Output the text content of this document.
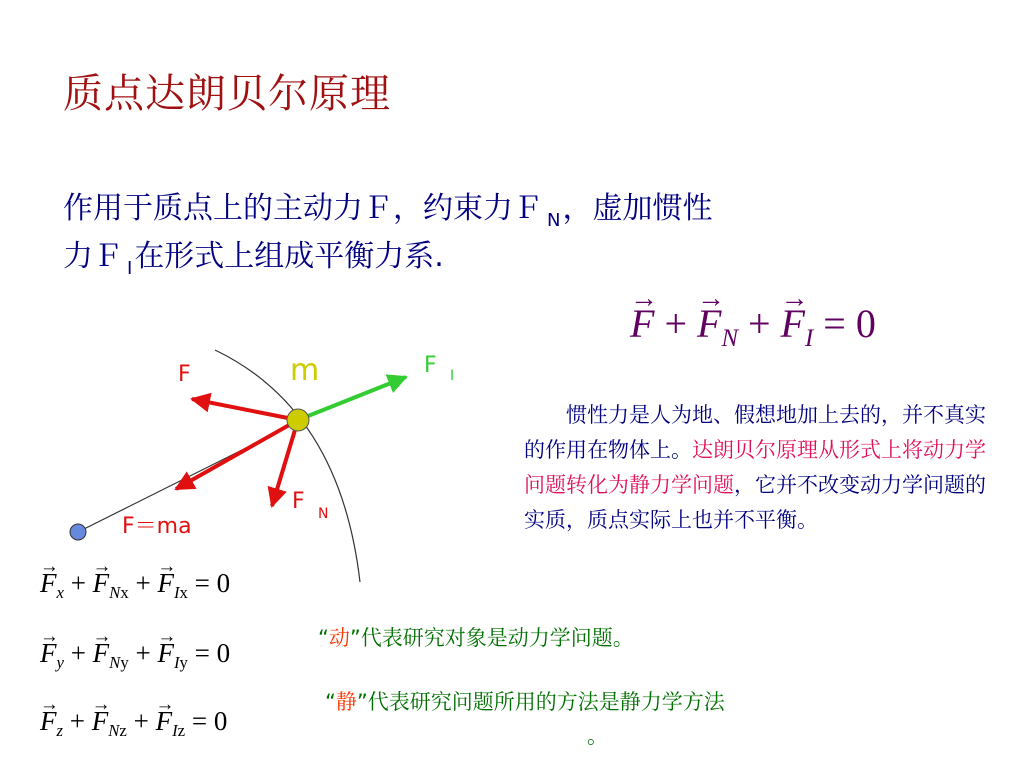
质点达朗贝尔原理
作用于质点上的主动力Ｆ，约束力Ｆ $_N$，虚加惯性
力Ｆ $_I$在形式上组成平衡力系.
→ F + → $F_N$ + → $F_I = 0$
F	m	F I
F N
F＝ma
→ $F_x$ + → $F_{Nx}$ + → $F_{Ix} = 0$
→ $F_y$ + → $F_{Ny}$ + → $F_{Iy} = 0$
→ $F_z$ + → $F_{Nz}$ + → $F_{Iz} = 0$
　　惯性力是人为地、假想地加上去的，并不真实的作用在物体上。达朗贝尔原理从形式上将动力学问题转化为静力学问题，它并不改变动力学问题的实质，质点实际上也并不平衡。
“动”代表研究对象是动力学问题。
“静”代表研究问题所用的方法是静力学方法
。
